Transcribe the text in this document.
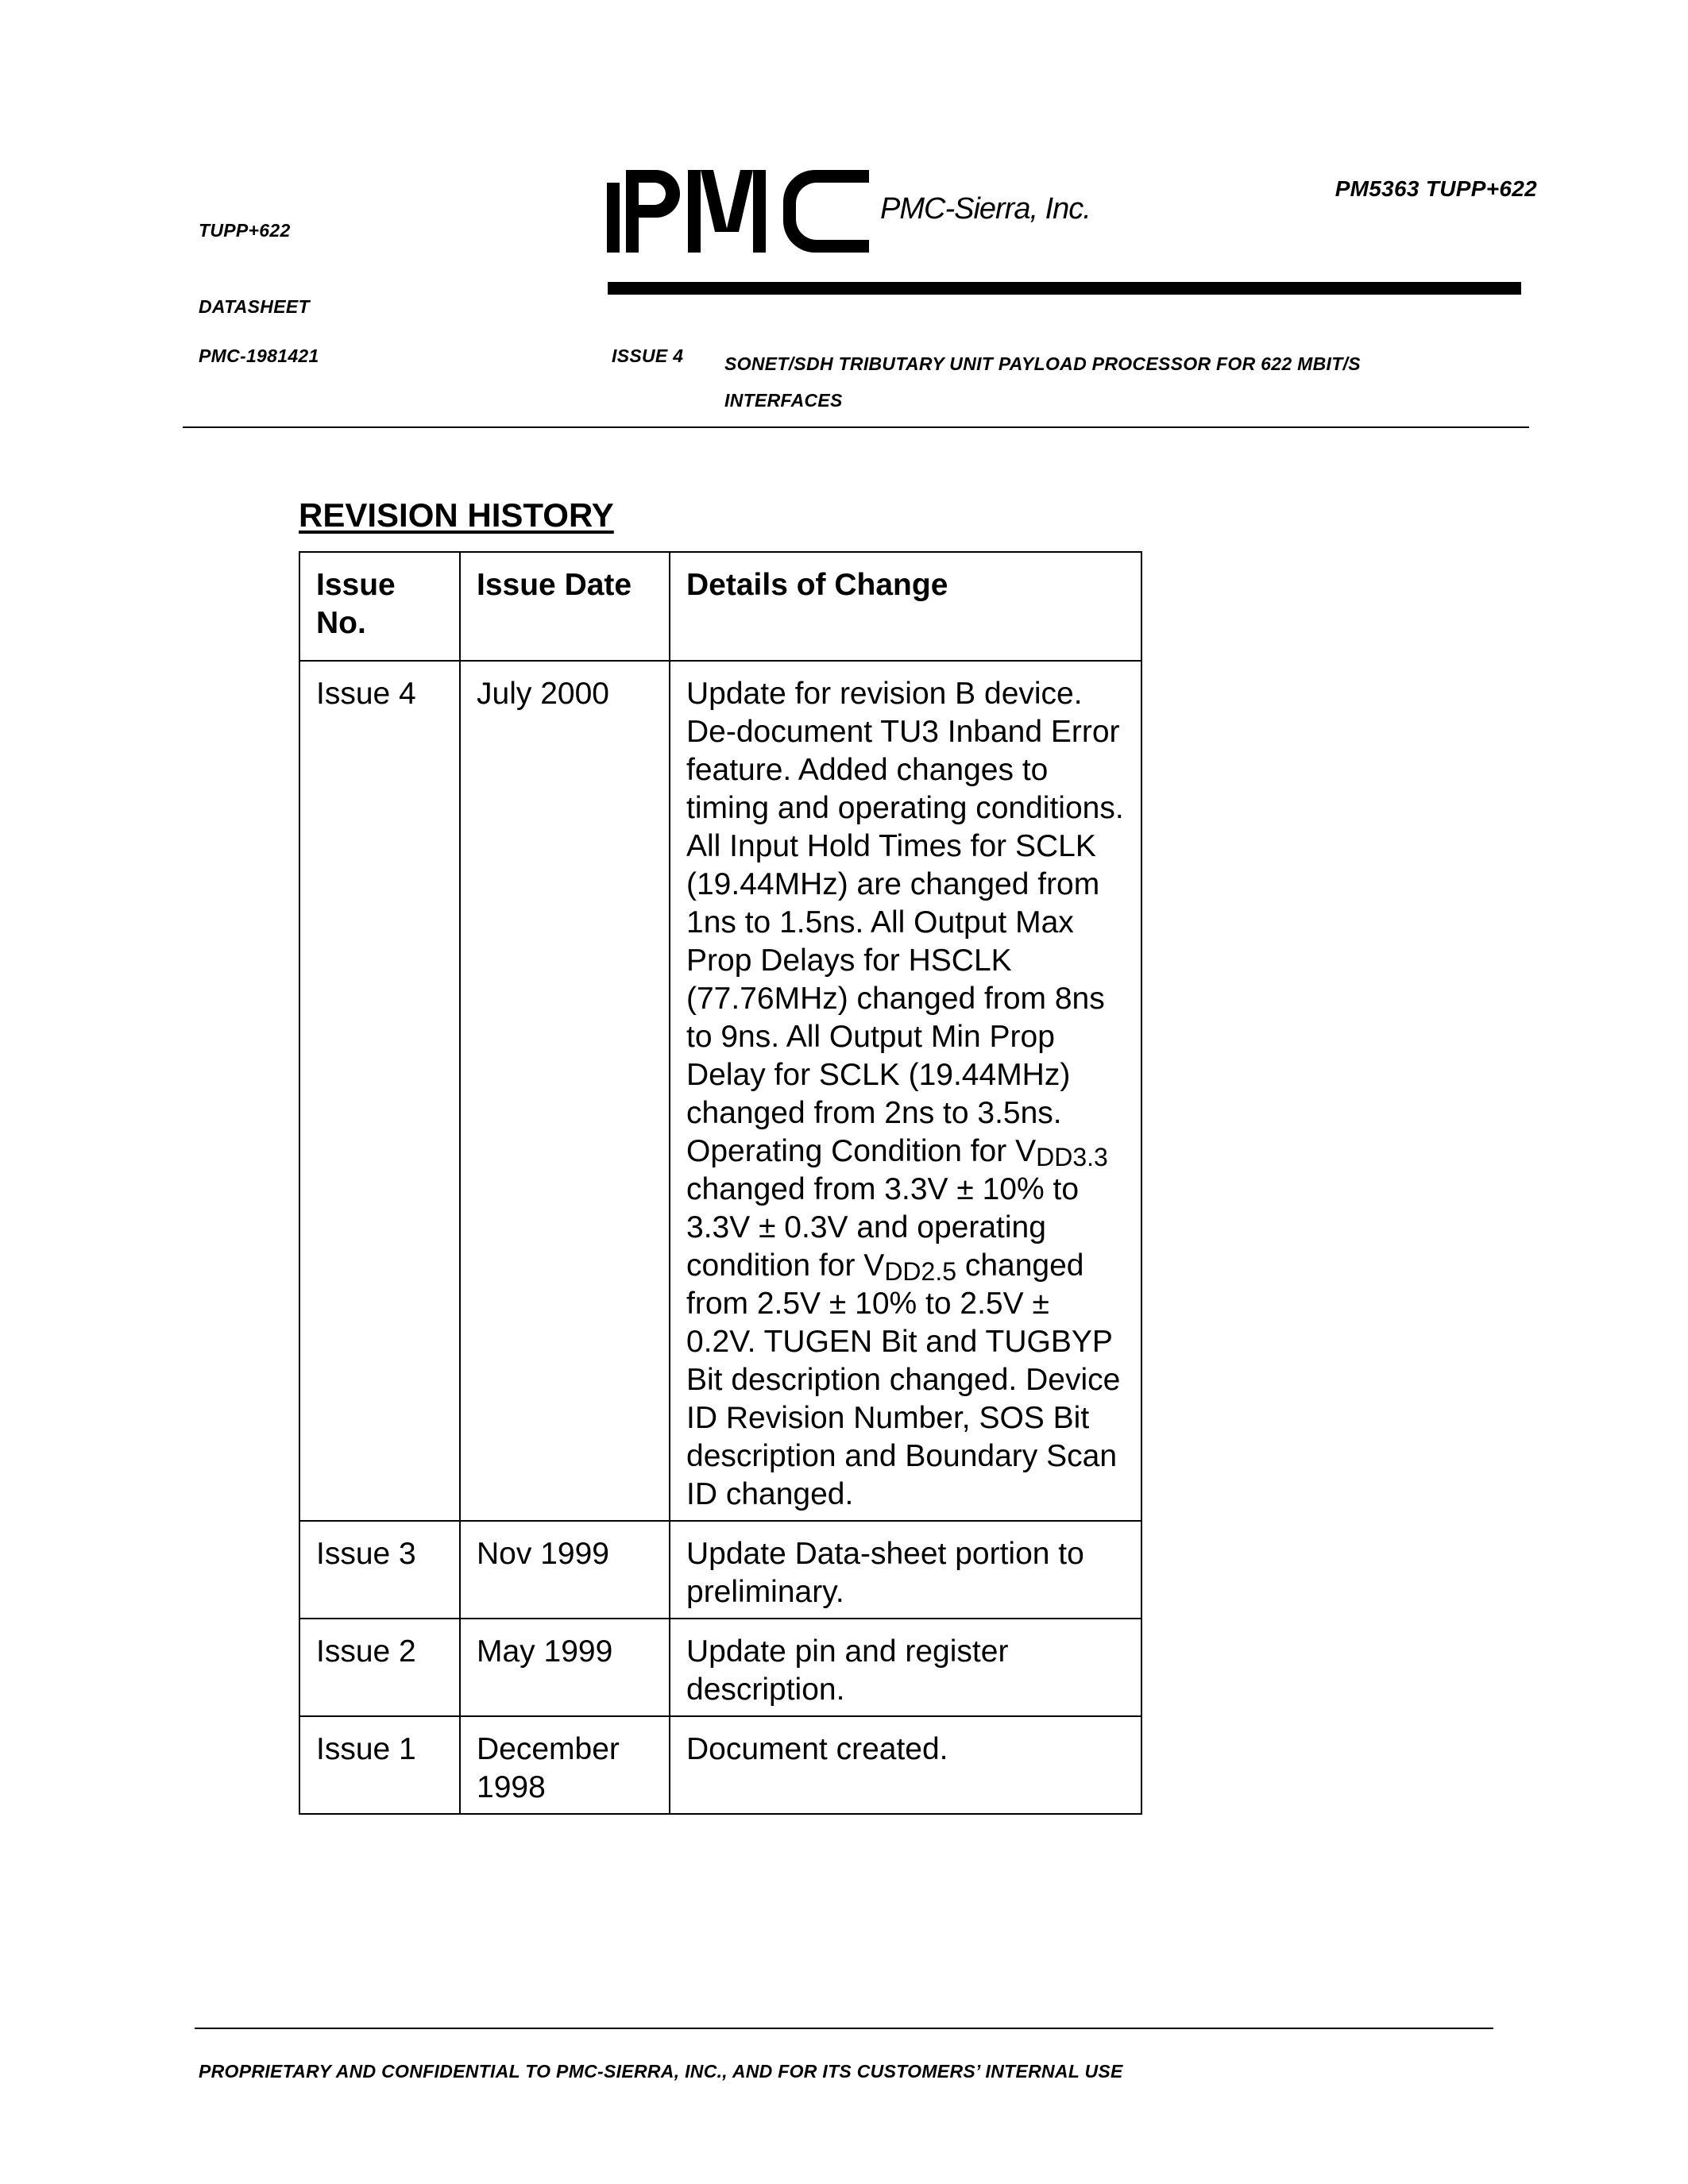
TUPP+622
DATASHEET
PMC-1981421	ISSUE 4 SONET/SDH TRIBUTARY UNIT PAYLOAD PROCESSOR FOR 622 MBIT/S INTERFACES
PM5363 TUPP+622
PMC
PMC-Sierra, Inc.
REVISION HISTORY
Issue No.	Issue Date	Details of Change
Issue 4	July 2000	Update for revision B device. De-document TU3 Inband Error feature. Added changes to timing and operating conditions. All Input Hold Times for SCLK (19.44MHz) are changed from 1ns to 1.5ns. All Output Max Prop Delays for HSCLK (77.76MHz) changed from 8ns to 9ns. All Output Min Prop Delay for SCLK (19.44MHz) changed from 2ns to 3.5ns. Operating Condition for $V_{DD3.3}$ changed from 3.3V ± 10% to 3.3V ± 0.3V and operating condition for $V_{DD2.5}$ changed from 2.5V ± 10% to 2.5V ± 0.2V. TUGEN Bit and TUGBYP Bit description changed. Device ID Revision Number, SOS Bit description and Boundary Scan ID changed.
Issue 3	Nov 1999	Update Data-sheet portion to preliminary.
Issue 2	May 1999	Update pin and register description.
Issue 1	December 1998	Document created.
PROPRIETARY AND CONFIDENTIAL TO PMC-SIERRA, INC., AND FOR ITS CUSTOMERS’ INTERNAL USE
